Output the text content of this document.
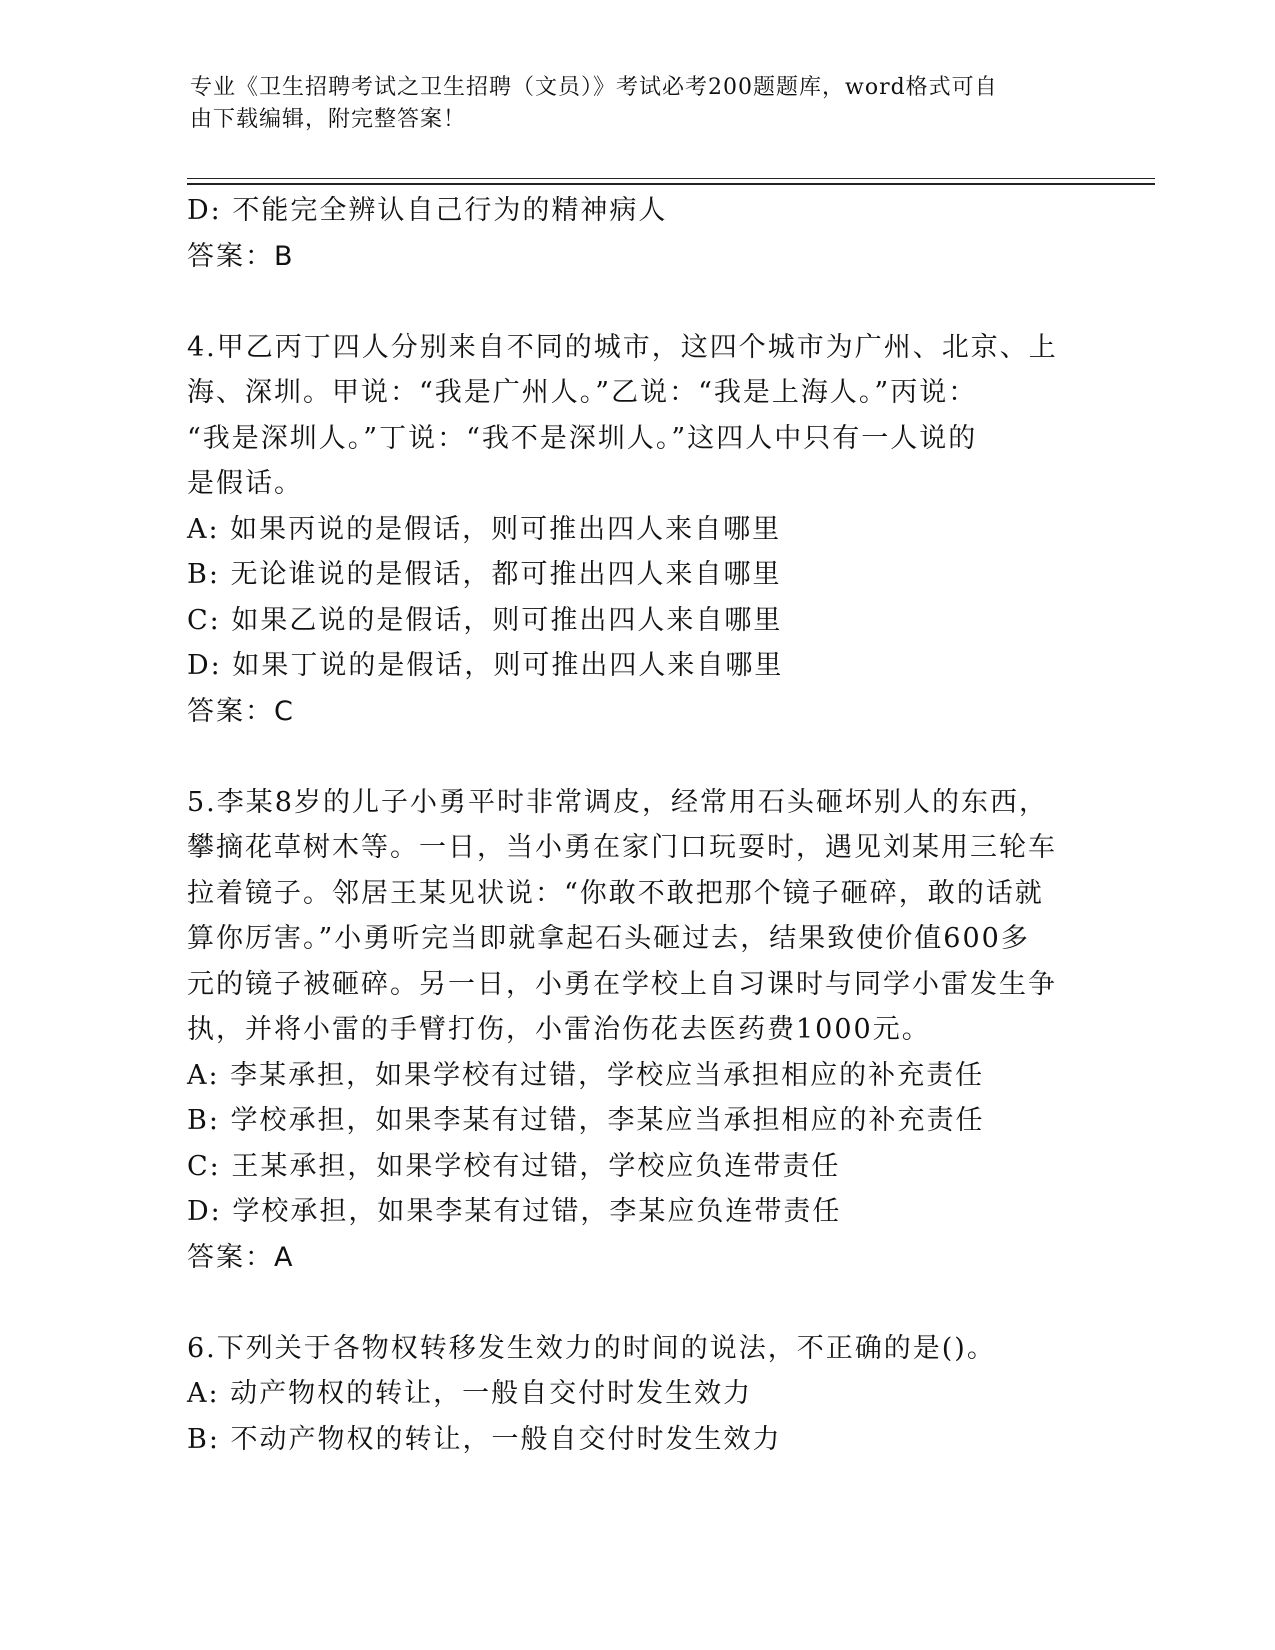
专业《卫生招聘考试之卫生招聘（文员）》考试必考200题题库，word格式可自
由下载编辑，附完整答案！
D: 不能完全辨认自己行为的精神病人
答案：B
4.甲乙丙丁四人分别来自不同的城市，这四个城市为广州、北京、上
海、深圳。甲说：“我是广州人。”乙说：“我是上海人。”丙说：
“我是深圳人。”丁说：“我不是深圳人。”这四人中只有一人说的
是假话。
A: 如果丙说的是假话，则可推出四人来自哪里
B: 无论谁说的是假话，都可推出四人来自哪里
C: 如果乙说的是假话，则可推出四人来自哪里
D: 如果丁说的是假话，则可推出四人来自哪里
答案：C
5.李某8岁的儿子小勇平时非常调皮，经常用石头砸坏别人的东西，
攀摘花草树木等。一日，当小勇在家门口玩耍时，遇见刘某用三轮车
拉着镜子。邻居王某见状说：“你敢不敢把那个镜子砸碎，敢的话就
算你厉害。”小勇听完当即就拿起石头砸过去，结果致使价值600多
元的镜子被砸碎。另一日，小勇在学校上自习课时与同学小雷发生争
执，并将小雷的手臂打伤，小雷治伤花去医药费1000元。
A: 李某承担，如果学校有过错，学校应当承担相应的补充责任
B: 学校承担，如果李某有过错，李某应当承担相应的补充责任
C: 王某承担，如果学校有过错，学校应负连带责任
D: 学校承担，如果李某有过错，李某应负连带责任
答案：A
6.下列关于各物权转移发生效力的时间的说法，不正确的是()。
A: 动产物权的转让，一般自交付时发生效力
B: 不动产物权的转让，一般自交付时发生效力
